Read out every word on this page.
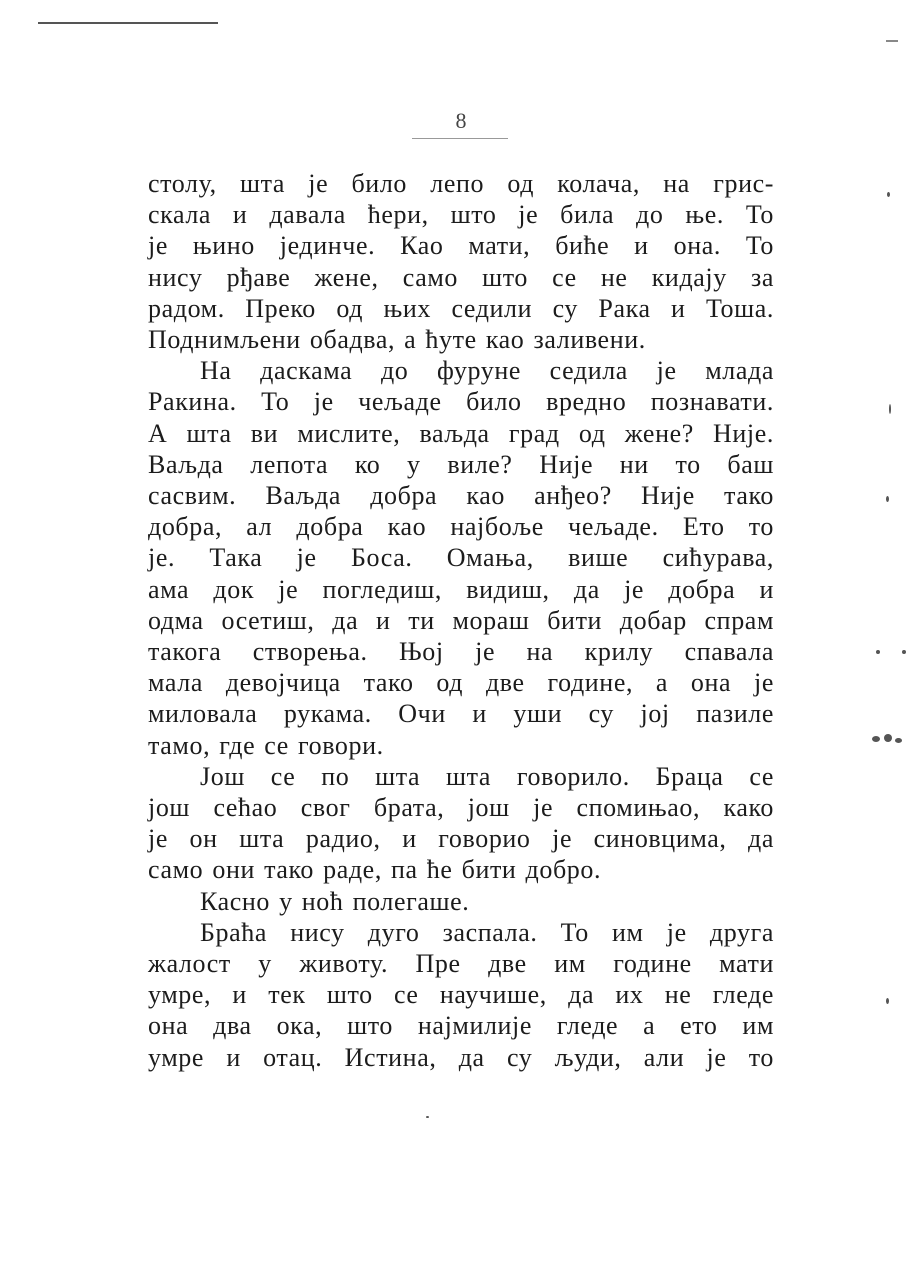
8

столу, шта је било лепо од колача, на грис-
скала и давала ћери, што је била до ње. То
је њино јединче. Као мати, биће и она. То
нису рђаве жене, само што се не кидају за
радом. Преко од њих седили су Рака и Тоша.
Поднимљени обадва, а ћуте као заливени.

На даскама до фуруне седила је млада
Ракина. То је чељаде било вредно познавати.
А шта ви мислите, ваљда град од жене? Није.
Ваљда лепота ко у виле? Није ни то баш
сасвим. Ваљда добра као анђео? Није тако
добра, ал добра као најбоље чељаде. Ето то
је. Така је Боса. Омања, више сићурава,
ама док је погледиш, видиш, да је добра и
одма осетиш, да и ти мораш бити добар спрам
такога створења. Њој је на крилу спавала
мала девојчица тако од две године, а она је
миловала рукама. Очи и уши су јој пазиле
тамо, где се говори.

Још се по шта шта говорило. Браца се
још сећао свог брата, још је спомињао, како
је он шта радио, и говорио је синовцима, да
само они тако раде, па ће бити добро.

Касно у ноћ полегаше.

Браћа нису дуго заспала. То им је друга
жалост у животу. Пре две им године мати
умре, и тек што се научише, да их не гледе
она два ока, што најмилије гледе а ето им
умре и отац. Истина, да су људи, али је то
